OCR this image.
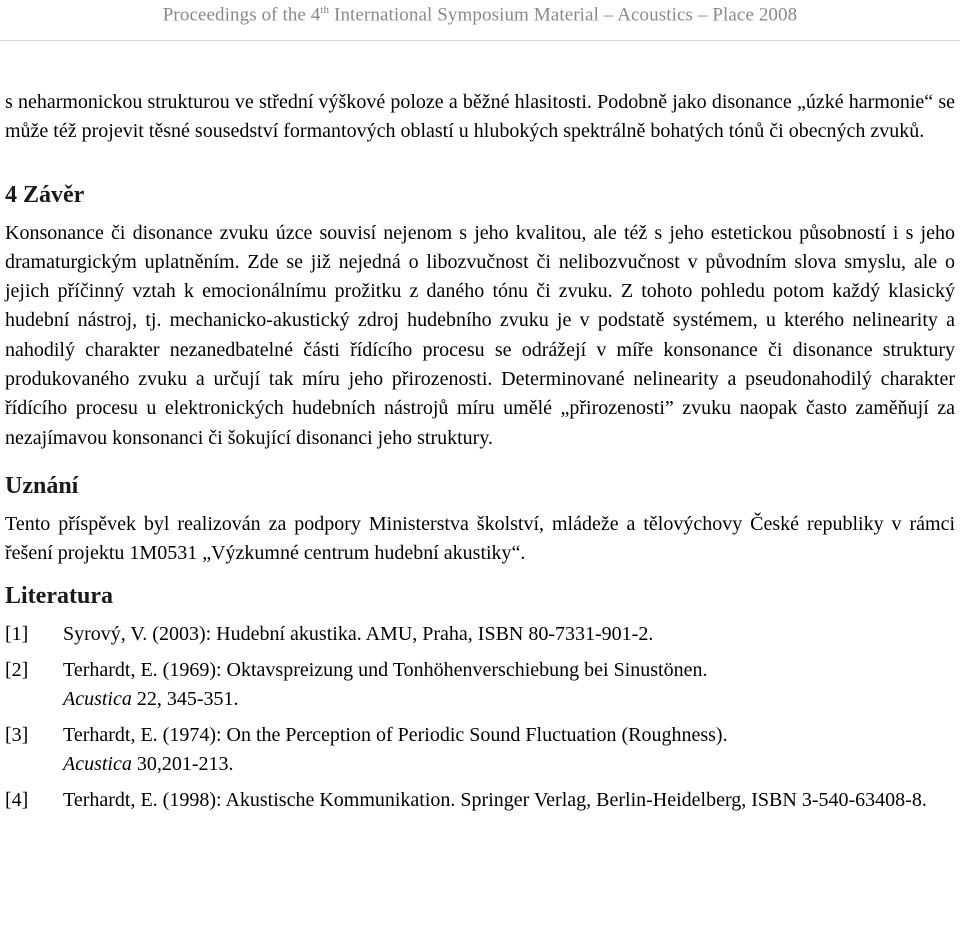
Proceedings of the 4th International Symposium Material – Acoustics – Place 2008

s neharmonickou strukturou ve střední výškové poloze a běžné hlasitosti. Podobně jako disonance „úzké harmonie“ se může též projevit těsné sousedství formantových oblastí u hlubokých spektrálně bohatých tónů či obecných zvuků.

4 Závěr

Konsonance či disonance zvuku úzce souvisí nejenom s jeho kvalitou, ale též s jeho estetickou působností i s jeho dramaturgickým uplatněním. Zde se již nejedná o libozvučnost či nelibozvučnost v původním slova smyslu, ale o jejich příčinný vztah k emocionálnímu prožitku z daného tónu či zvuku. Z tohoto pohledu potom každý klasický hudební nástroj, tj. mechanicko-akustický zdroj hudebního zvuku je v podstatě systémem, u kterého nelinearity a nahodilý charakter nezanedbatelné části řídícího procesu se odrážejí v míře konsonance či disonance struktury produkovaného zvuku a určují tak míru jeho přirozenosti. Determinované nelinearity a pseudonahodilý charakter řídícího procesu u elektronických hudebních nástrojů míru umělé „přirozenosti” zvuku naopak často zaměňují za nezajímavou konsonanci či šokující disonanci jeho struktury.

Uznání

Tento příspěvek byl realizován za podpory Ministerstva školství, mládeže a tělovýchovy České republiky v rámci řešení projektu 1M0531 „Výzkumné centrum hudební akustiky“.

Literatura
[1]	Syrový, V. (2003): Hudební akustika. AMU, Praha, ISBN 80-7331-901-2.
[2]	Terhardt, E. (1969): Oktavspreizung und Tonhöhenverschiebung bei Sinustönen.
Acustica 22, 345-351.
[3]	Terhardt, E. (1974): On the Perception of Periodic Sound Fluctuation (Roughness).
Acustica 30,201-213.
[4]	Terhardt, E. (1998): Akustische Kommunikation. Springer Verlag, Berlin-Heidelberg, ISBN 3-540-63408-8.
